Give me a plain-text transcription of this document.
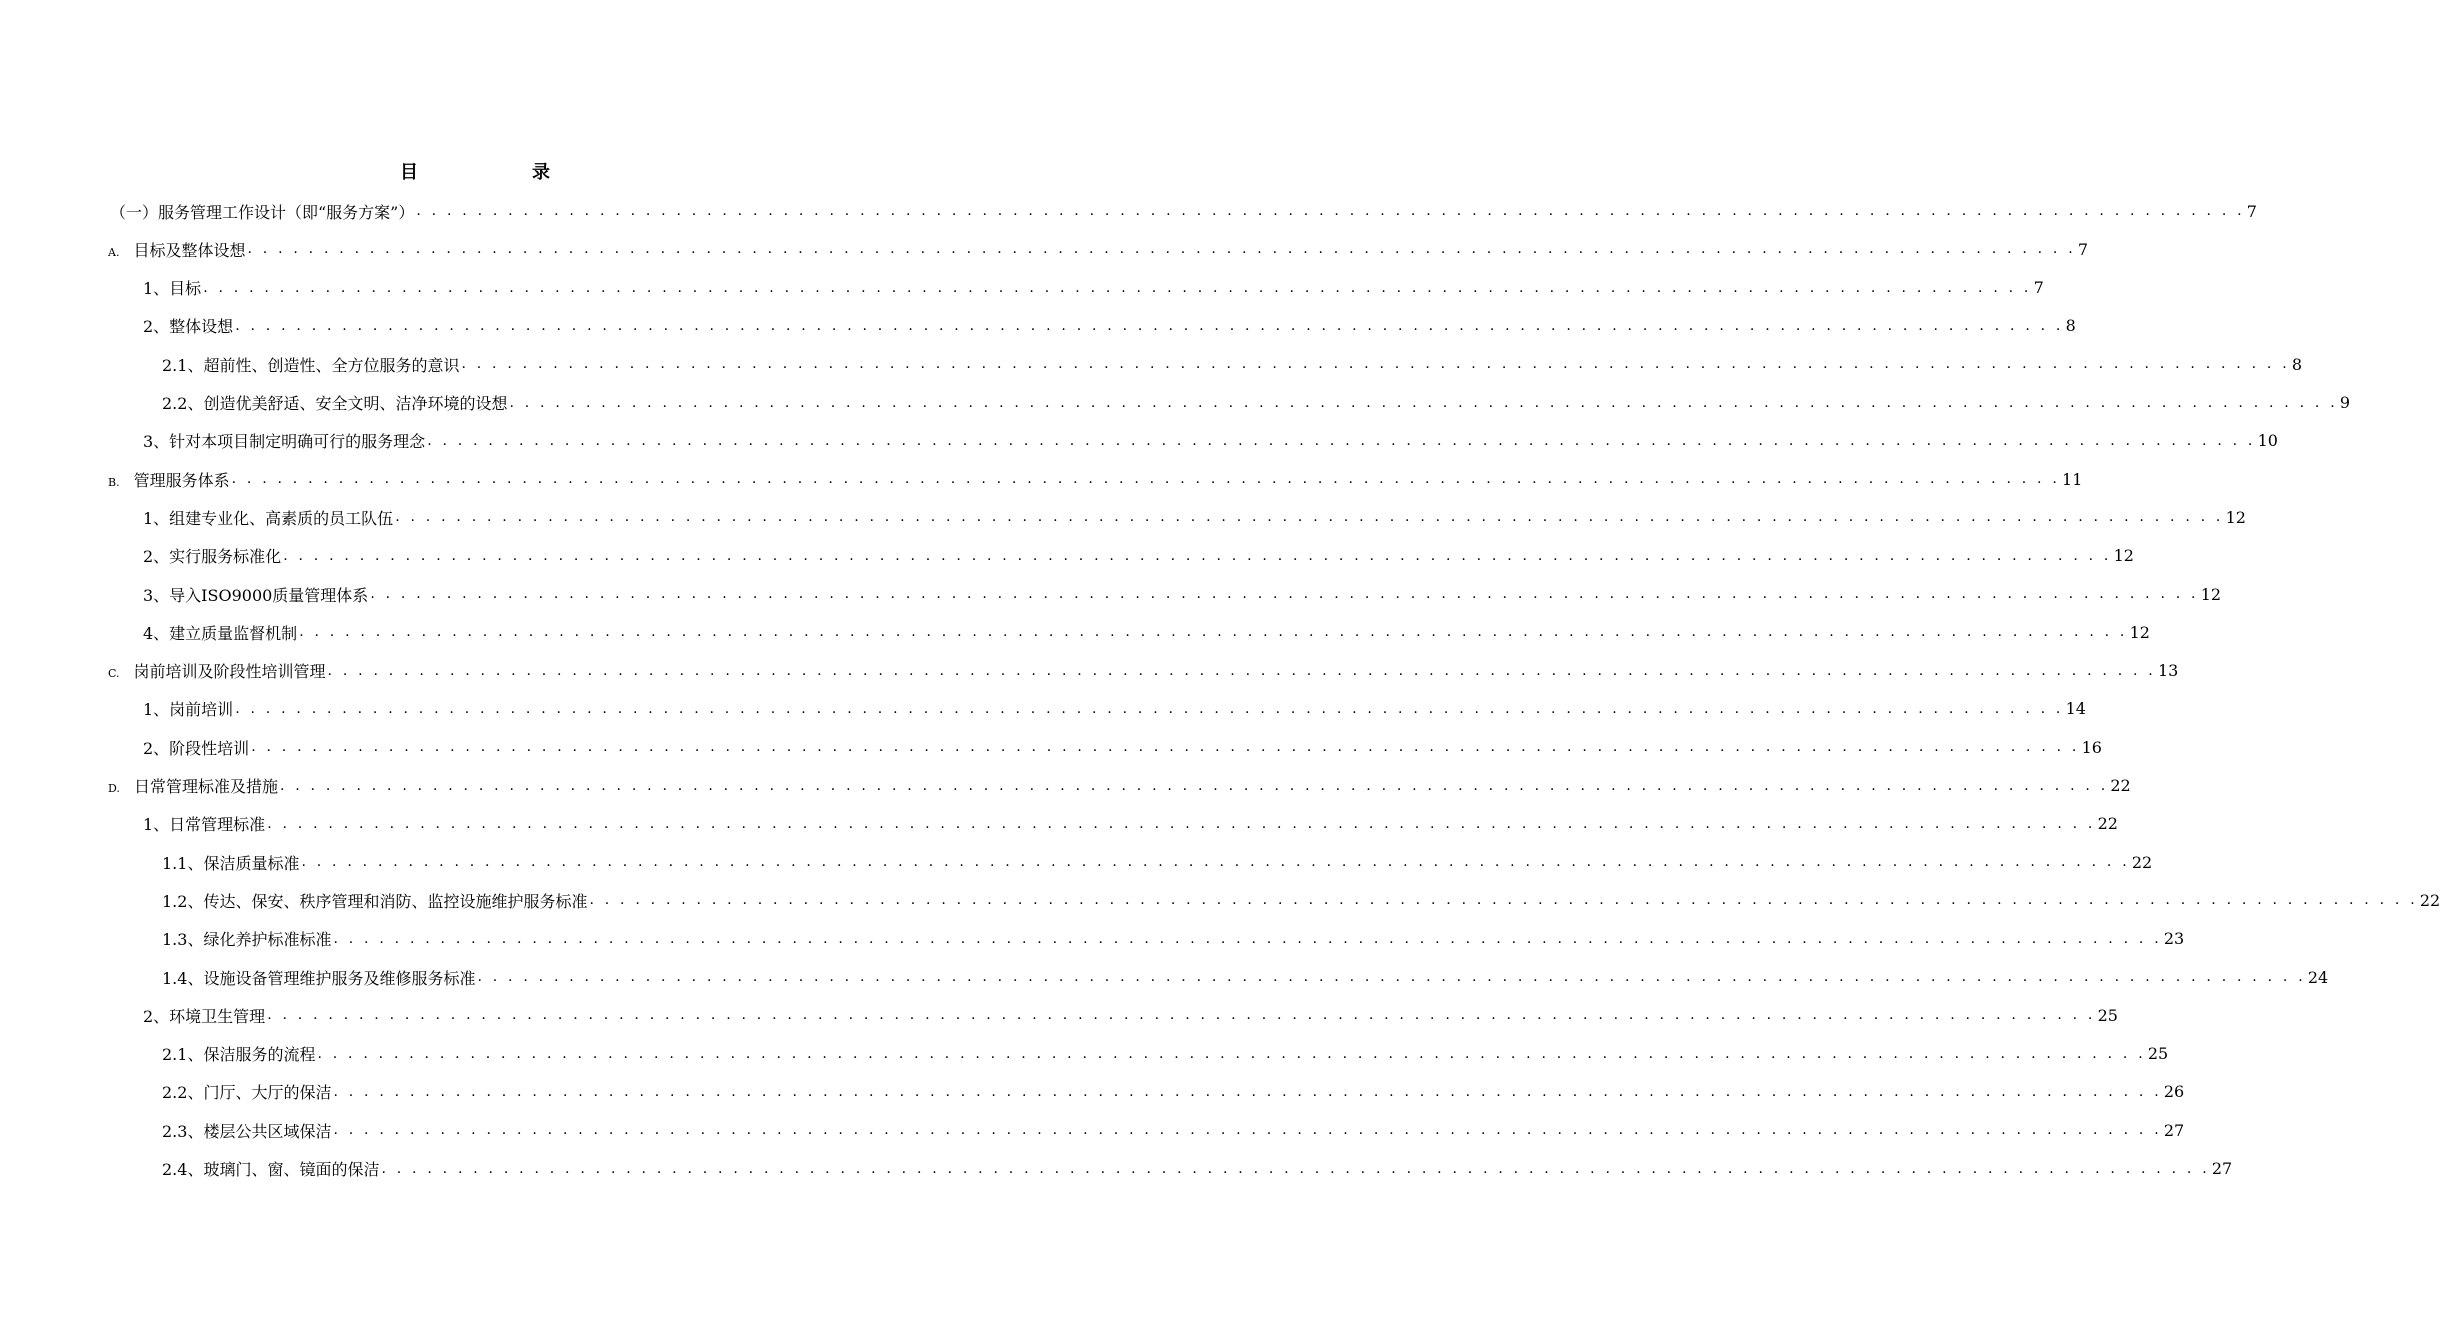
目　录
（一）服务管理工作设计（即“服务方案”） . . . . . . . . . . . . . . . . . . . . . . . . . . . . . . . . . . . . . . . . . . . . . . . . . . . . . . . . . . . . . . . . . . . . . . . . . . . . . . . . . . . . . . . . . . . . . . . . . . . . . . . . . . . . . . . . . . . . . . . . 7
A. 目标及整体设想 . . . . . . . . . . . . . . . . . . . . . . . . . . . . . . . . . . . . . . . . . . . . . . . . . . . . . . . . . . . . . . . . . . . . . . . . . . . . . . . . . . . . . . . . . . . . . . . . . . . . . . . . . . . . . . . . . . . . . . . . 7
1、目标 . . . . . . . . . . . . . . . . . . . . . . . . . . . . . . . . . . . . . . . . . . . . . . . . . . . . . . . . . . . . . . . . . . . . . . . . . . . . . . . . . . . . . . . . . . . . . . . . . . . . . . . . . . . . . . . . . . . . . . . . 7
2、整体设想 . . . . . . . . . . . . . . . . . . . . . . . . . . . . . . . . . . . . . . . . . . . . . . . . . . . . . . . . . . . . . . . . . . . . . . . . . . . . . . . . . . . . . . . . . . . . . . . . . . . . . . . . . . . . . . . . . . . . . . . . 8
2.1、超前性、创造性、全方位服务的意识 . . . . . . . . . . . . . . . . . . . . . . . . . . . . . . . . . . . . . . . . . . . . . . . . . . . . . . . . . . . . . . . . . . . . . . . . . . . . . . . . . . . . . . . . . . . . . . . . . . . . . . . . . . . . . . . . . . . . . . . . 8
2.2、创造优美舒适、安全文明、洁净环境的设想 . . . . . . . . . . . . . . . . . . . . . . . . . . . . . . . . . . . . . . . . . . . . . . . . . . . . . . . . . . . . . . . . . . . . . . . . . . . . . . . . . . . . . . . . . . . . . . . . . . . . . . . . . . . . . . . . . . . . . . . . 9
3、针对本项目制定明确可行的服务理念 . . . . . . . . . . . . . . . . . . . . . . . . . . . . . . . . . . . . . . . . . . . . . . . . . . . . . . . . . . . . . . . . . . . . . . . . . . . . . . . . . . . . . . . . . . . . . . . . . . . . . . . . . . . . . . . . . . . . . . . . 10
B. 管理服务体系 . . . . . . . . . . . . . . . . . . . . . . . . . . . . . . . . . . . . . . . . . . . . . . . . . . . . . . . . . . . . . . . . . . . . . . . . . . . . . . . . . . . . . . . . . . . . . . . . . . . . . . . . . . . . . . . . . . . . . . . . 11
1、组建专业化、高素质的员工队伍 . . . . . . . . . . . . . . . . . . . . . . . . . . . . . . . . . . . . . . . . . . . . . . . . . . . . . . . . . . . . . . . . . . . . . . . . . . . . . . . . . . . . . . . . . . . . . . . . . . . . . . . . . . . . . . . . . . . . . . . . 12
2、实行服务标准化 . . . . . . . . . . . . . . . . . . . . . . . . . . . . . . . . . . . . . . . . . . . . . . . . . . . . . . . . . . . . . . . . . . . . . . . . . . . . . . . . . . . . . . . . . . . . . . . . . . . . . . . . . . . . . . . . . . . . . . . . 12
3、导入ISO9000质量管理体系 . . . . . . . . . . . . . . . . . . . . . . . . . . . . . . . . . . . . . . . . . . . . . . . . . . . . . . . . . . . . . . . . . . . . . . . . . . . . . . . . . . . . . . . . . . . . . . . . . . . . . . . . . . . . . . . . . . . . . . . . 12
4、建立质量监督机制 . . . . . . . . . . . . . . . . . . . . . . . . . . . . . . . . . . . . . . . . . . . . . . . . . . . . . . . . . . . . . . . . . . . . . . . . . . . . . . . . . . . . . . . . . . . . . . . . . . . . . . . . . . . . . . . . . . . . . . . . 12
C. 岗前培训及阶段性培训管理 . . . . . . . . . . . . . . . . . . . . . . . . . . . . . . . . . . . . . . . . . . . . . . . . . . . . . . . . . . . . . . . . . . . . . . . . . . . . . . . . . . . . . . . . . . . . . . . . . . . . . . . . . . . . . . . . . . . . . . . . 13
1、岗前培训 . . . . . . . . . . . . . . . . . . . . . . . . . . . . . . . . . . . . . . . . . . . . . . . . . . . . . . . . . . . . . . . . . . . . . . . . . . . . . . . . . . . . . . . . . . . . . . . . . . . . . . . . . . . . . . . . . . . . . . . . 14
2、阶段性培训 . . . . . . . . . . . . . . . . . . . . . . . . . . . . . . . . . . . . . . . . . . . . . . . . . . . . . . . . . . . . . . . . . . . . . . . . . . . . . . . . . . . . . . . . . . . . . . . . . . . . . . . . . . . . . . . . . . . . . . . . 16
D. 日常管理标准及措施 . . . . . . . . . . . . . . . . . . . . . . . . . . . . . . . . . . . . . . . . . . . . . . . . . . . . . . . . . . . . . . . . . . . . . . . . . . . . . . . . . . . . . . . . . . . . . . . . . . . . . . . . . . . . . . . . . . . . . . . . 22
1、日常管理标准 . . . . . . . . . . . . . . . . . . . . . . . . . . . . . . . . . . . . . . . . . . . . . . . . . . . . . . . . . . . . . . . . . . . . . . . . . . . . . . . . . . . . . . . . . . . . . . . . . . . . . . . . . . . . . . . . . . . . . . . . 22
1.1、保洁质量标准 . . . . . . . . . . . . . . . . . . . . . . . . . . . . . . . . . . . . . . . . . . . . . . . . . . . . . . . . . . . . . . . . . . . . . . . . . . . . . . . . . . . . . . . . . . . . . . . . . . . . . . . . . . . . . . . . . . . . . . . . 22
1.2、传达、保安、秩序管理和消防、监控设施维护服务标准 . . . . . . . . . . . . . . . . . . . . . . . . . . . . . . . . . . . . . . . . . . . . . . . . . . . . . . . . . . . . . . . . . . . . . . . . . . . . . . . . . . . . . . . . . . . . . . . . . . . . . . . . . . . . . . . . . . . . . . . . 22
1.3、绿化养护标准标准 . . . . . . . . . . . . . . . . . . . . . . . . . . . . . . . . . . . . . . . . . . . . . . . . . . . . . . . . . . . . . . . . . . . . . . . . . . . . . . . . . . . . . . . . . . . . . . . . . . . . . . . . . . . . . . . . . . . . . . . . 23
1.4、设施设备管理维护服务及维修服务标准 . . . . . . . . . . . . . . . . . . . . . . . . . . . . . . . . . . . . . . . . . . . . . . . . . . . . . . . . . . . . . . . . . . . . . . . . . . . . . . . . . . . . . . . . . . . . . . . . . . . . . . . . . . . . . . . . . . . . . . . . 24
2、环境卫生管理 . . . . . . . . . . . . . . . . . . . . . . . . . . . . . . . . . . . . . . . . . . . . . . . . . . . . . . . . . . . . . . . . . . . . . . . . . . . . . . . . . . . . . . . . . . . . . . . . . . . . . . . . . . . . . . . . . . . . . . . . 25
2.1、保洁服务的流程 . . . . . . . . . . . . . . . . . . . . . . . . . . . . . . . . . . . . . . . . . . . . . . . . . . . . . . . . . . . . . . . . . . . . . . . . . . . . . . . . . . . . . . . . . . . . . . . . . . . . . . . . . . . . . . . . . . . . . . . . 25
2.2、门厅、大厅的保洁 . . . . . . . . . . . . . . . . . . . . . . . . . . . . . . . . . . . . . . . . . . . . . . . . . . . . . . . . . . . . . . . . . . . . . . . . . . . . . . . . . . . . . . . . . . . . . . . . . . . . . . . . . . . . . . . . . . . . . . . . 26
2.3、楼层公共区域保洁 . . . . . . . . . . . . . . . . . . . . . . . . . . . . . . . . . . . . . . . . . . . . . . . . . . . . . . . . . . . . . . . . . . . . . . . . . . . . . . . . . . . . . . . . . . . . . . . . . . . . . . . . . . . . . . . . . . . . . . . . 27
2.4、玻璃门、窗、镜面的保洁 . . . . . . . . . . . . . . . . . . . . . . . . . . . . . . . . . . . . . . . . . . . . . . . . . . . . . . . . . . . . . . . . . . . . . . . . . . . . . . . . . . . . . . . . . . . . . . . . . . . . . . . . . . . . . . . . . . . . . . . . 27
